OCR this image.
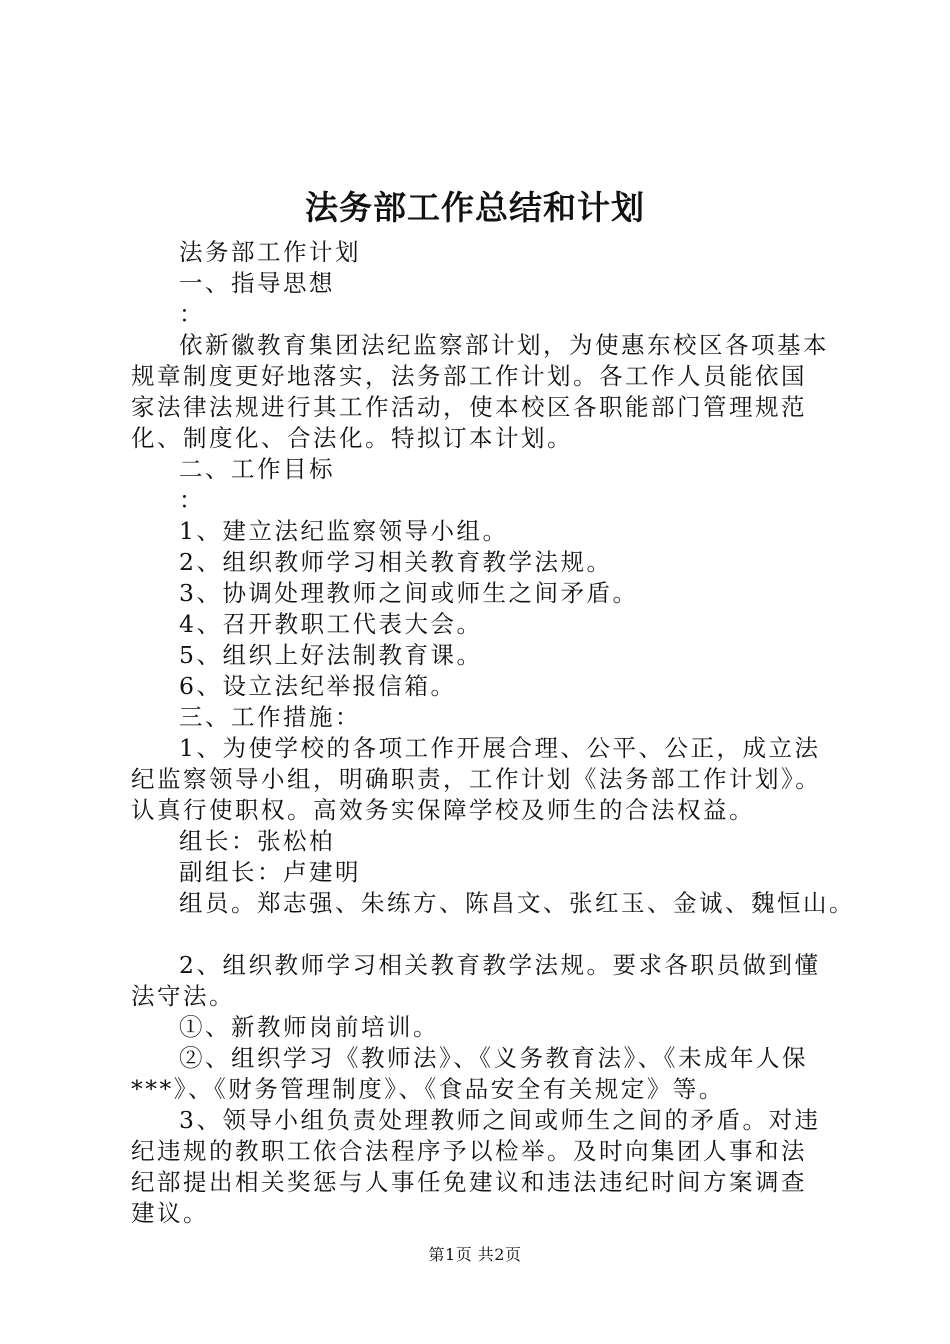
法务部工作总结和计划

法务部工作计划

一、指导思想

：

依新徽教育集团法纪监察部计划，为使惠东校区各项基本规章制度更好地落实，法务部工作计划。各工作人员能依国家法律法规进行其工作活动，使本校区各职能部门管理规范化、制度化、合法化。特拟订本计划。

二、工作目标

：

1、建立法纪监察领导小组。

2、组织教师学习相关教育教学法规。

3、协调处理教师之间或师生之间矛盾。

4、召开教职工代表大会。

5、组织上好法制教育课。

6、设立法纪举报信箱。

三、工作措施：

1、为使学校的各项工作开展合理、公平、公正，成立法纪监察领导小组，明确职责，工作计划《法务部工作计划》。认真行使职权。高效务实保障学校及师生的合法权益。

组长：张松柏

副组长：卢建明

组员。郑志强、朱练方、陈昌文、张红玉、金诚、魏恒山。

2、组织教师学习相关教育教学法规。要求各职员做到懂法守法。

①、新教师岗前培训。

②、组织学习《教师法》、《义务教育法》、《未成年人保***》、《财务管理制度》、《食品安全有关规定》等。

3、领导小组负责处理教师之间或师生之间的矛盾。对违纪违规的教职工依合法程序予以检举。及时向集团人事和法纪部提出相关奖惩与人事任免建议和违法违纪时间方案调查建议。

第1页 共2页
